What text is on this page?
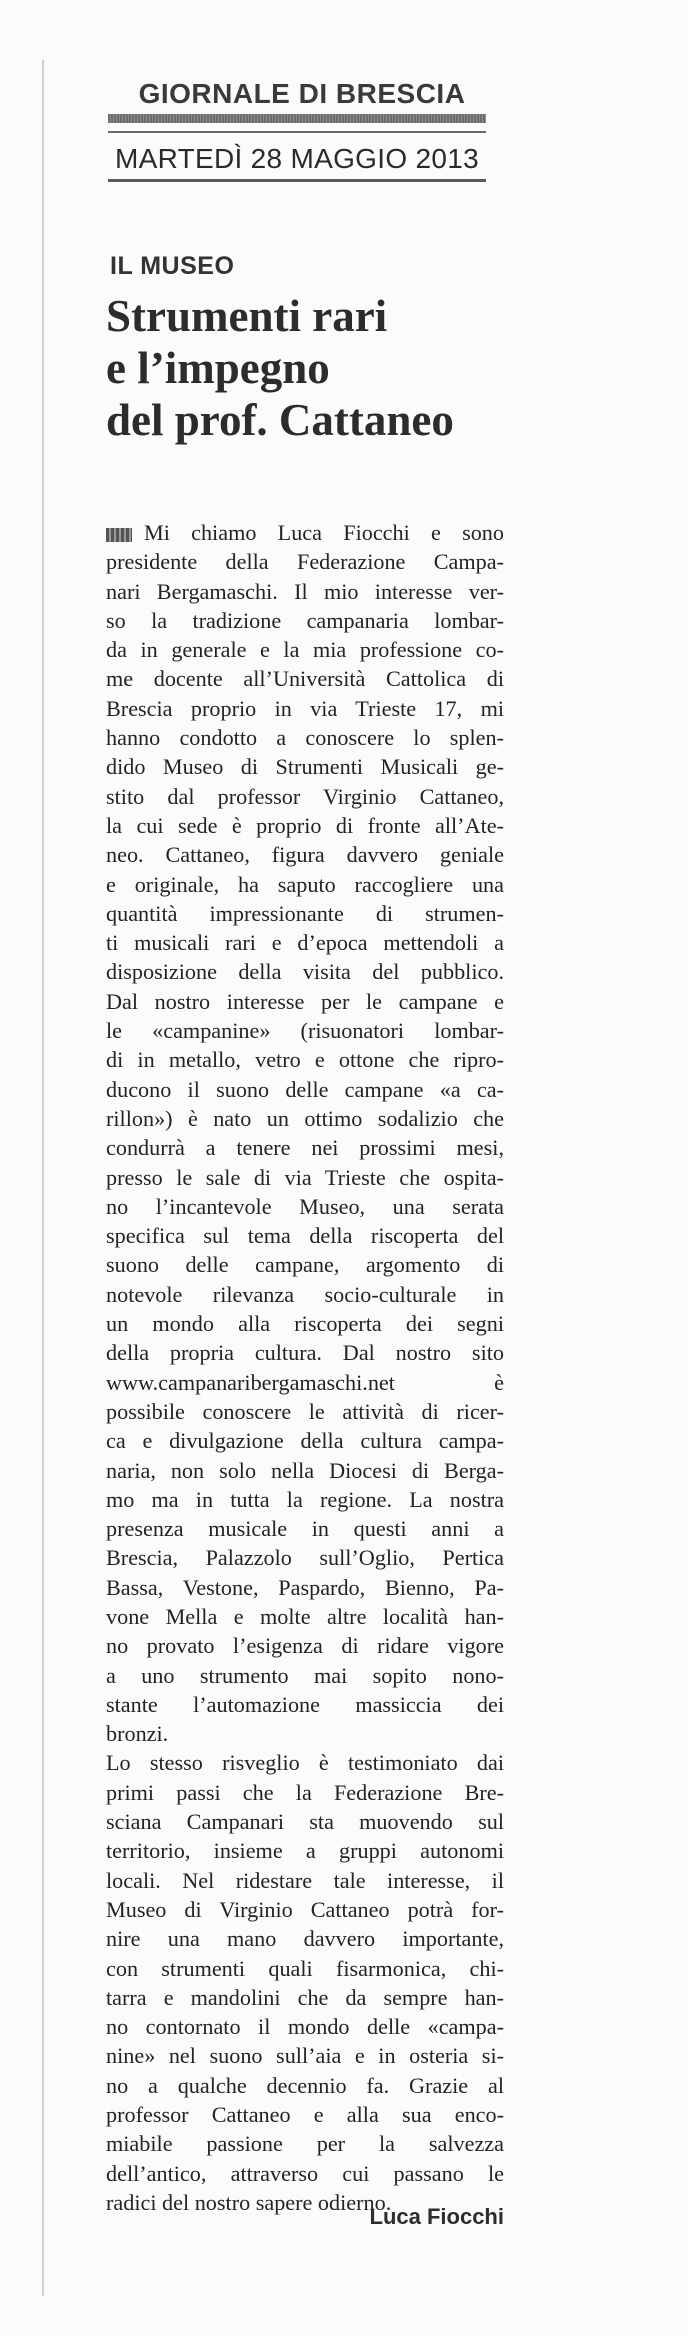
GIORNALE DI BRESCIA
MARTEDÌ 28 MAGGIO 2013
IL MUSEO
Strumenti rari
e l’impegno
del prof. Cattaneo
Mi chiamo Luca Fiocchi e sono
presidente della Federazione Campa-
nari Bergamaschi. Il mio interesse ver-
so la tradizione campanaria lombar-
da in generale e la mia professione co-
me docente all’Università Cattolica di
Brescia proprio in via Trieste 17, mi
hanno condotto a conoscere lo splen-
dido Museo di Strumenti Musicali ge-
stito dal professor Virginio Cattaneo,
la cui sede è proprio di fronte all’Ate-
neo. Cattaneo, figura davvero geniale
e originale, ha saputo raccogliere una
quantità impressionante di strumen-
ti musicali rari e d’epoca mettendoli a
disposizione della visita del pubblico.
Dal nostro interesse per le campane e
le «campanine» (risuonatori lombar-
di in metallo, vetro e ottone che ripro-
ducono il suono delle campane «a ca-
rillon») è nato un ottimo sodalizio che
condurrà a tenere nei prossimi mesi,
presso le sale di via Trieste che ospita-
no l’incantevole Museo, una serata
specifica sul tema della riscoperta del
suono delle campane, argomento di
notevole rilevanza socio-culturale in
un mondo alla riscoperta dei segni
della propria cultura. Dal nostro sito
www.campanaribergamaschi.net è
possibile conoscere le attività di ricer-
ca e divulgazione della cultura campa-
naria, non solo nella Diocesi di Berga-
mo ma in tutta la regione. La nostra
presenza musicale in questi anni a
Brescia, Palazzolo sull’Oglio, Pertica
Bassa, Vestone, Paspardo, Bienno, Pa-
vone Mella e molte altre località han-
no provato l’esigenza di ridare vigore
a uno strumento mai sopito nono-
stante l’automazione massiccia dei
bronzi.
Lo stesso risveglio è testimoniato dai
primi passi che la Federazione Bre-
sciana Campanari sta muovendo sul
territorio, insieme a gruppi autonomi
locali. Nel ridestare tale interesse, il
Museo di Virginio Cattaneo potrà for-
nire una mano davvero importante,
con strumenti quali fisarmonica, chi-
tarra e mandolini che da sempre han-
no contornato il mondo delle «campa-
nine» nel suono sull’aia e in osteria si-
no a qualche decennio fa. Grazie al
professor Cattaneo e alla sua enco-
miabile passione per la salvezza
dell’antico, attraverso cui passano le
radici del nostro sapere odierno.
Luca Fiocchi
